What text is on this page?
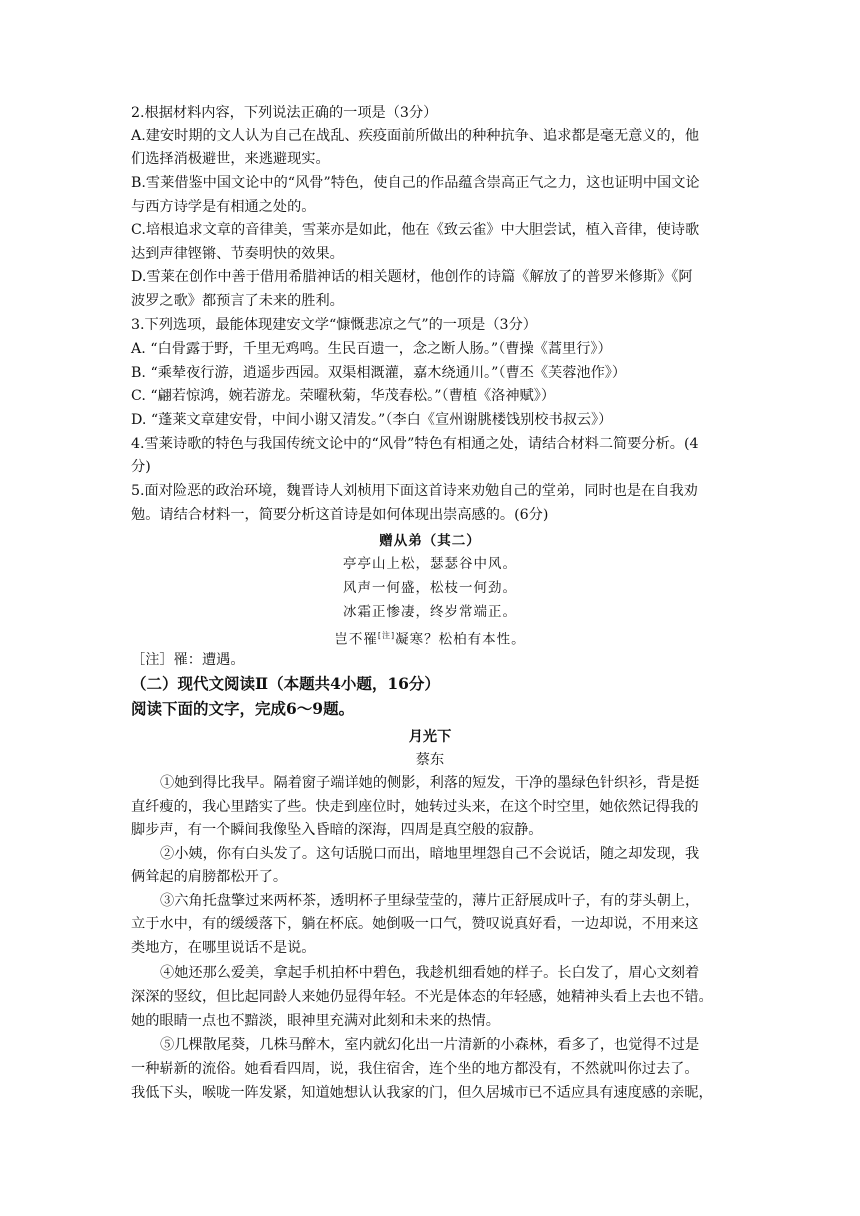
2.根据材料内容，下列说法正确的一项是（3分）
A.建安时期的文人认为自己在战乱、疾疫面前所做出的种种抗争、追求都是毫无意义的，他
们选择消极避世，来逃避现实。
B.雪莱借鉴中国文论中的“风骨”特色，使自己的作品蕴含崇高正气之力，这也证明中国文论
与西方诗学是有相通之处的。
C.培根追求文章的音律美，雪莱亦是如此，他在《致云雀》中大胆尝试，植入音律，使诗歌
达到声律铿锵、节奏明快的效果。
D.雪莱在创作中善于借用希腊神话的相关题材，他创作的诗篇《解放了的普罗米修斯》《阿
波罗之歌》都预言了未来的胜利。
3.下列选项，最能体现建安文学“慷慨悲凉之气”的一项是（3分）
A. “白骨露于野，千里无鸡鸣。生民百遗一，念之断人肠。”（曹操《蒿里行》）
B. “乘辇夜行游，逍遥步西园。双渠相溉灌，嘉木绕通川。”（曹丕《芙蓉池作》）
C. “翩若惊鸿，婉若游龙。荣曜秋菊，华茂春松。”（曹植《洛神赋》）
D. “蓬莱文章建安骨，中间小谢又清发。”（李白《宣州谢朓楼饯别校书叔云》）
4.雪莱诗歌的特色与我国传统文论中的“风骨”特色有相通之处，请结合材料二简要分析。(4
分)
5.面对险恶的政治环境，魏晋诗人刘桢用下面这首诗来劝勉自己的堂弟，同时也是在自我劝
勉。请结合材料一，简要分析这首诗是如何体现出崇高感的。(6分)
赠从弟（其二）
亭亭山上松，瑟瑟谷中风。
风声一何盛，松枝一何劲。
冰霜正惨凄，终岁常端正。
岂不罹[注]凝寒？松柏有本性。
［注］罹：遭遇。
（二）现代文阅读Ⅱ（本题共4小题，16分）
阅读下面的文字，完成6～9题。
月光下
蔡东
①她到得比我早。隔着窗子端详她的侧影，利落的短发，干净的墨绿色针织衫，背是挺
直纤瘦的，我心里踏实了些。快走到座位时，她转过头来，在这个时空里，她依然记得我的
脚步声，有一个瞬间我像坠入昏暗的深海，四周是真空般的寂静。
②小姨，你有白头发了。这句话脱口而出，暗地里埋怨自己不会说话，随之却发现，我
俩耸起的肩膀都松开了。
③六角托盘擎过来两杯茶，透明杯子里绿莹莹的，薄片正舒展成叶子，有的芽头朝上，
立于水中，有的缓缓落下，躺在杯底。她倒吸一口气，赞叹说真好看，一边却说，不用来这
类地方，在哪里说话不是说。
④她还那么爱美，拿起手机拍杯中碧色，我趁机细看她的样子。长白发了，眉心文刻着
深深的竖纹，但比起同龄人来她仍显得年轻。不光是体态的年轻感，她精神头看上去也不错。
她的眼睛一点也不黯淡，眼神里充满对此刻和未来的热情。
⑤几棵散尾葵，几株马醉木，室内就幻化出一片清新的小森林，看多了，也觉得不过是
一种崭新的流俗。她看看四周，说，我住宿舍，连个坐的地方都没有，不然就叫你过去了。
我低下头，喉咙一阵发紧，知道她想认认我家的门，但久居城市已不适应具有速度感的亲昵，
